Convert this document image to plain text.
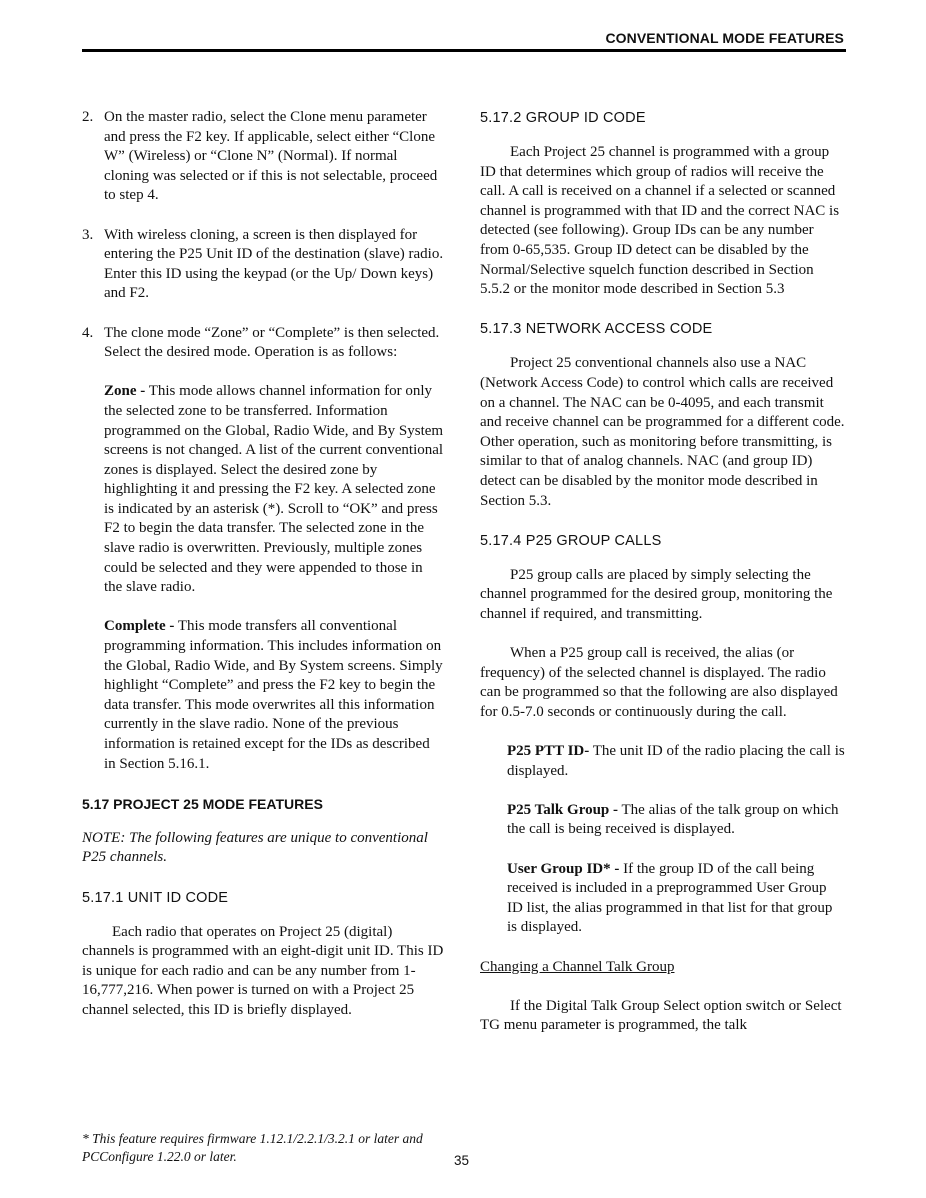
CONVENTIONAL MODE FEATURES
2. On the master radio, select the Clone menu parameter and press the F2 key. If applicable, select either “Clone W” (Wireless) or “Clone N” (Normal). If normal cloning was selected or if this is not selectable, proceed to step 4.
3. With wireless cloning, a screen is then displayed for entering the P25 Unit ID of the destination (slave) radio. Enter this ID using the keypad (or the Up/ Down keys) and F2.
4. The clone mode “Zone” or “Complete” is then selected. Select the desired mode. Operation is as follows:
Zone - This mode allows channel information for only the selected zone to be transferred. Information programmed on the Global, Radio Wide, and By System screens is not changed. A list of the current conventional zones is displayed. Select the desired zone by highlighting it and pressing the F2 key. A selected zone is indicated by an asterisk (*). Scroll to “OK” and press F2 to begin the data transfer. The selected zone in the slave radio is overwritten. Previously, multiple zones could be selected and they were appended to those in the slave radio.
Complete - This mode transfers all conventional programming information. This includes information on the Global, Radio Wide, and By System screens. Simply highlight “Complete” and press the F2 key to begin the data transfer. This mode overwrites all this information currently in the slave radio. None of the previous information is retained except for the IDs as described in Section 5.16.1.
5.17 PROJECT 25 MODE FEATURES

NOTE: The following features are unique to conventional P25 channels.

5.17.1 UNIT ID CODE

Each radio that operates on Project 25 (digital) channels is programmed with an eight-digit unit ID. This ID is unique for each radio and can be any number from 1-16,777,216. When power is turned on with a Project 25 channel selected, this ID is briefly displayed.

5.17.2 GROUP ID CODE

Each Project 25 channel is programmed with a group ID that determines which group of radios will receive the call. A call is received on a channel if a selected or scanned channel is programmed with that ID and the correct NAC is detected (see following). Group IDs can be any number from 0-65,535. Group ID detect can be disabled by the Normal/Selective squelch function described in Section 5.5.2 or the monitor mode described in Section 5.3

5.17.3 NETWORK ACCESS CODE

Project 25 conventional channels also use a NAC (Network Access Code) to control which calls are received on a channel. The NAC can be 0-4095, and each transmit and receive channel can be programmed for a different code. Other operation, such as monitoring before transmitting, is similar to that of analog channels. NAC (and group ID) detect can be disabled by the monitor mode described in Section 5.3.

5.17.4 P25 GROUP CALLS

P25 group calls are placed by simply selecting the channel programmed for the desired group, monitoring the channel if required, and transmitting.

When a P25 group call is received, the alias (or frequency) of the selected channel is displayed. The radio can be programmed so that the following are also displayed for 0.5-7.0 seconds or continuously during the call.

P25 PTT ID- The unit ID of the radio placing the call is displayed.
P25 Talk Group - The alias of the talk group on which the call is being received is displayed.
User Group ID* - If the group ID of the call being received is included in a preprogrammed User Group ID list, the alias programmed in that list for that group is displayed.
Changing a Channel Talk Group

If the Digital Talk Group Select option switch or Select TG menu parameter is programmed, the talk

* This feature requires firmware 1.12.1/2.2.1/3.2.1 or later and PCConfigure 1.22.0 or later.	35
